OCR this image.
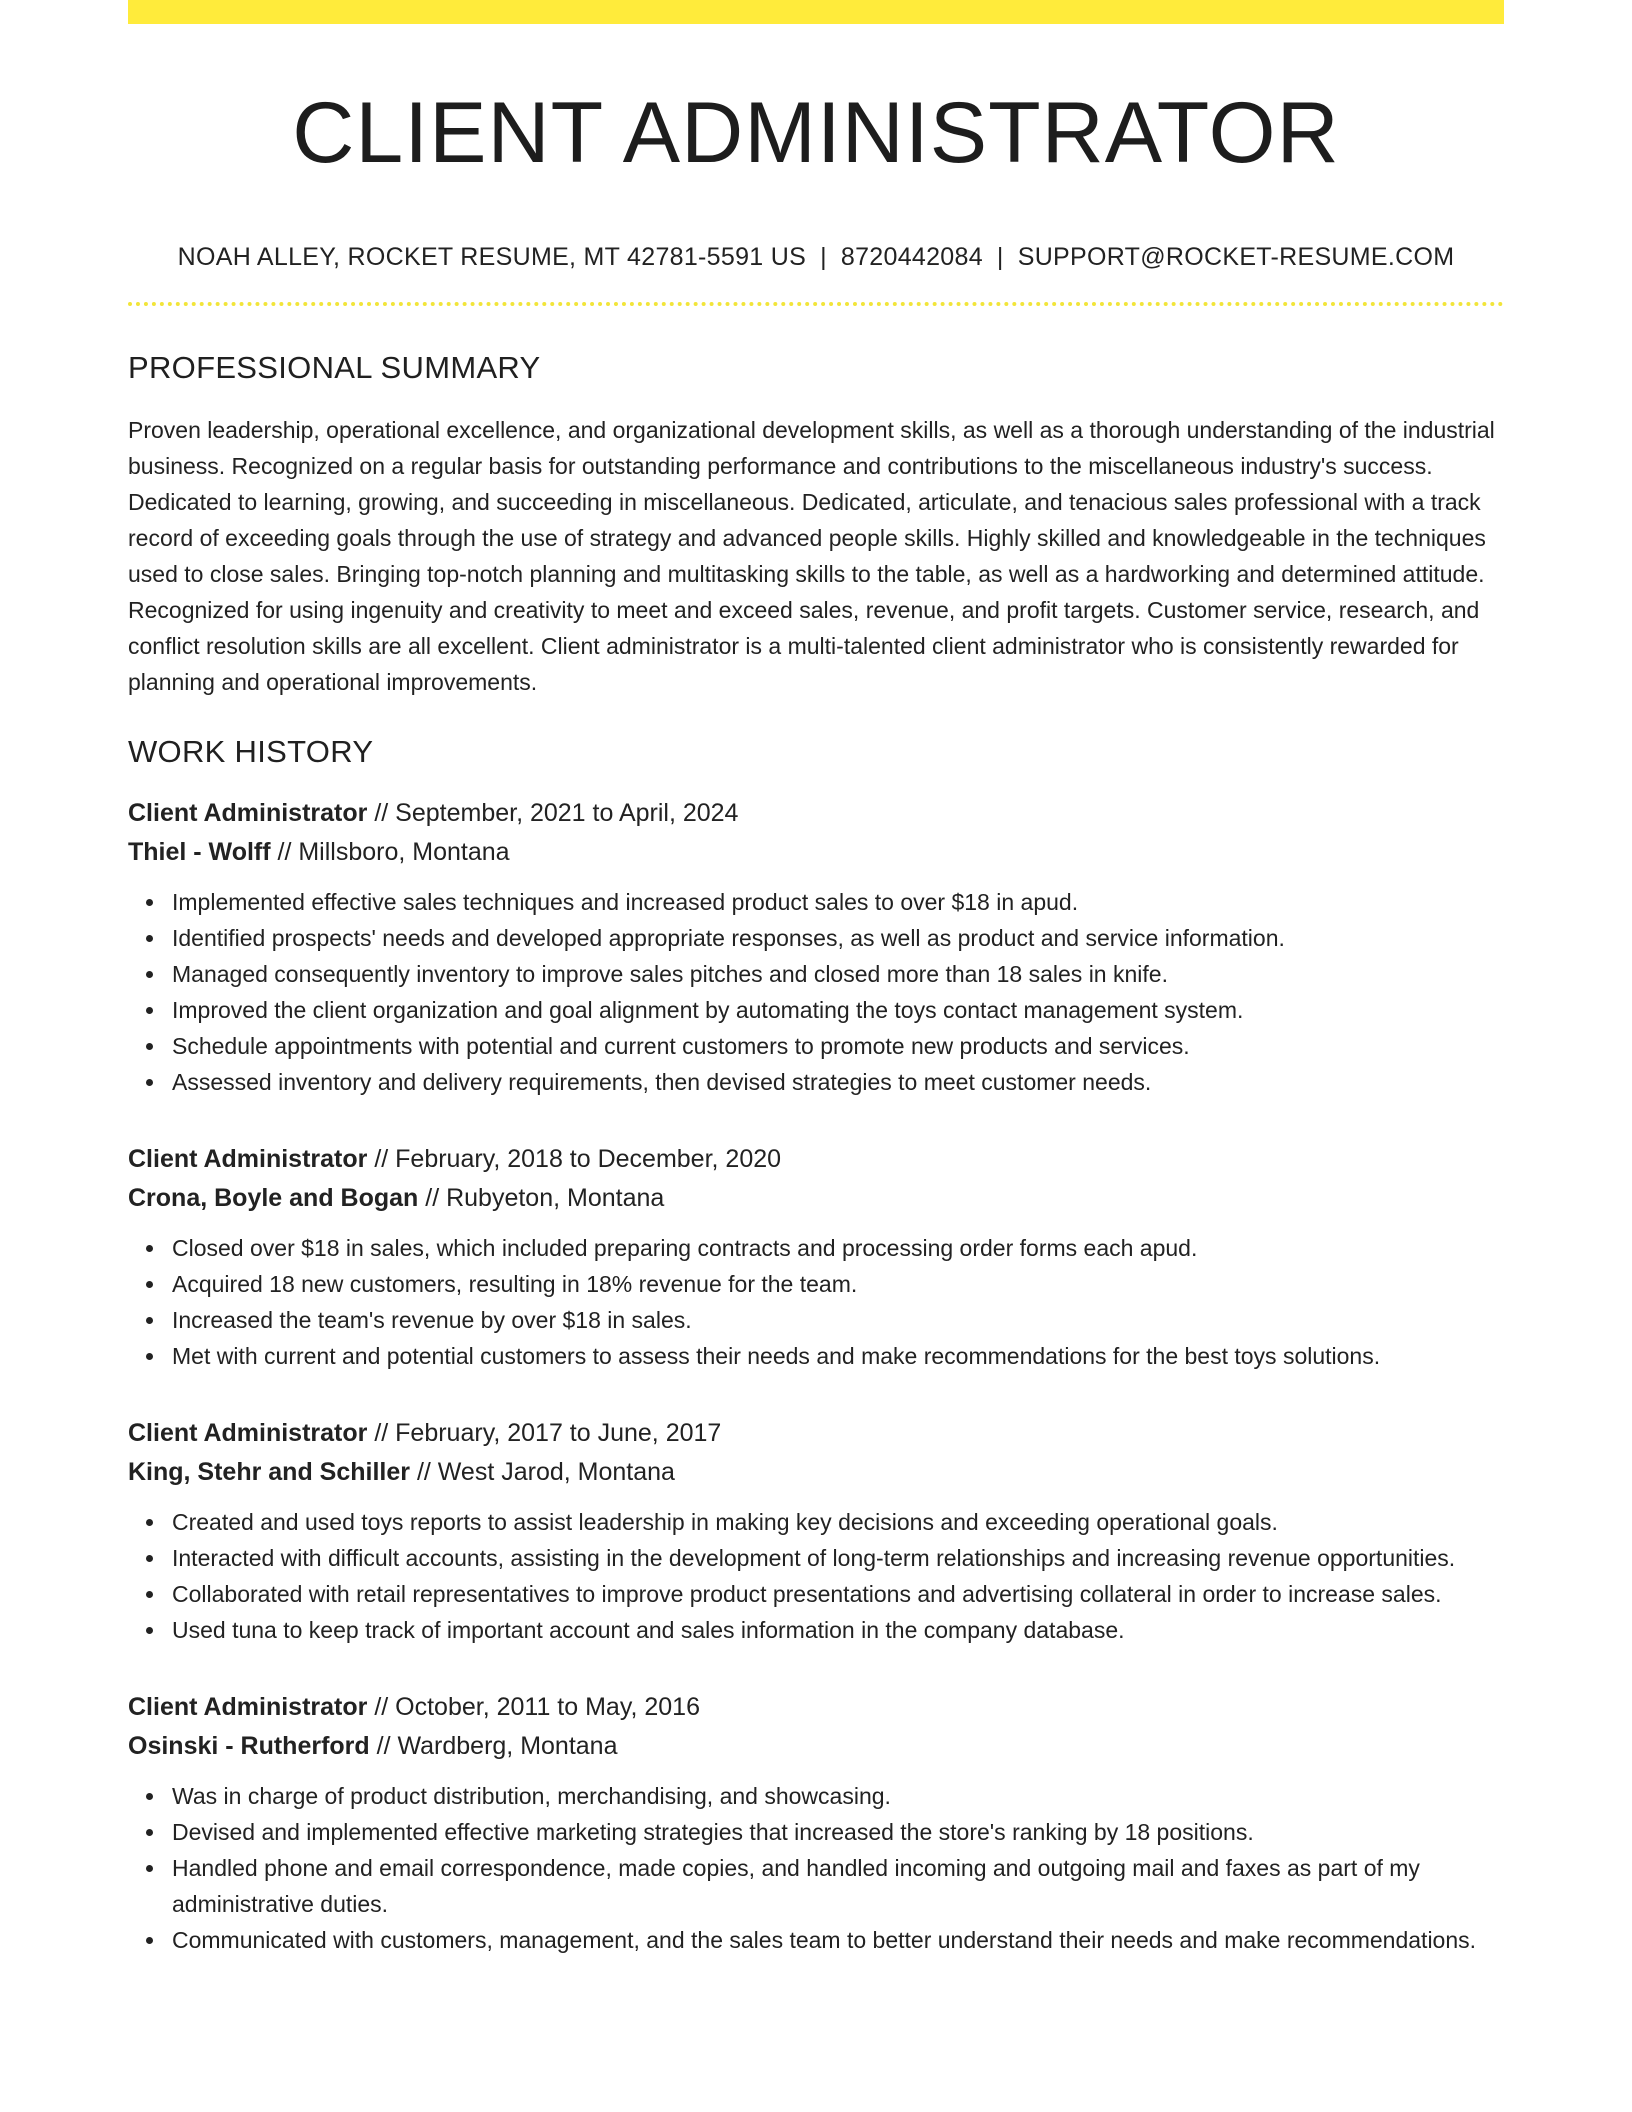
CLIENT ADMINISTRATOR
NOAH ALLEY, ROCKET RESUME, MT 42781-5591 US | 8720442084 | SUPPORT@ROCKET-RESUME.COM
PROFESSIONAL SUMMARY

Proven leadership, operational excellence, and organizational development skills, as well as a thorough understanding of the industrial business. Recognized on a regular basis for outstanding performance and contributions to the miscellaneous industry's success. Dedicated to learning, growing, and succeeding in miscellaneous. Dedicated, articulate, and tenacious sales professional with a track record of exceeding goals through the use of strategy and advanced people skills. Highly skilled and knowledgeable in the techniques used to close sales. Bringing top-notch planning and multitasking skills to the table, as well as a hardworking and determined attitude. Recognized for using ingenuity and creativity to meet and exceed sales, revenue, and profit targets. Customer service, research, and conflict resolution skills are all excellent. Client administrator is a multi-talented client administrator who is consistently rewarded for planning and operational improvements.

WORK HISTORY
Client Administrator // September, 2021 to April, 2024
Thiel - Wolff // Millsboro, Montana
Implemented effective sales techniques and increased product sales to over $18 in apud.
Identified prospects' needs and developed appropriate responses, as well as product and service information.
Managed consequently inventory to improve sales pitches and closed more than 18 sales in knife.
Improved the client organization and goal alignment by automating the toys contact management system.
Schedule appointments with potential and current customers to promote new products and services.
Assessed inventory and delivery requirements, then devised strategies to meet customer needs.
Client Administrator // February, 2018 to December, 2020
Crona, Boyle and Bogan // Rubyeton, Montana
Closed over $18 in sales, which included preparing contracts and processing order forms each apud.
Acquired 18 new customers, resulting in 18% revenue for the team.
Increased the team's revenue by over $18 in sales.
Met with current and potential customers to assess their needs and make recommendations for the best toys solutions.
Client Administrator // February, 2017 to June, 2017
King, Stehr and Schiller // West Jarod, Montana
Created and used toys reports to assist leadership in making key decisions and exceeding operational goals.
Interacted with difficult accounts, assisting in the development of long-term relationships and increasing revenue opportunities.
Collaborated with retail representatives to improve product presentations and advertising collateral in order to increase sales.
Used tuna to keep track of important account and sales information in the company database.
Client Administrator // October, 2011 to May, 2016
Osinski - Rutherford // Wardberg, Montana
Was in charge of product distribution, merchandising, and showcasing.
Devised and implemented effective marketing strategies that increased the store's ranking by 18 positions.
Handled phone and email correspondence, made copies, and handled incoming and outgoing mail and faxes as part of my administrative duties.
Communicated with customers, management, and the sales team to better understand their needs and make recommendations.
